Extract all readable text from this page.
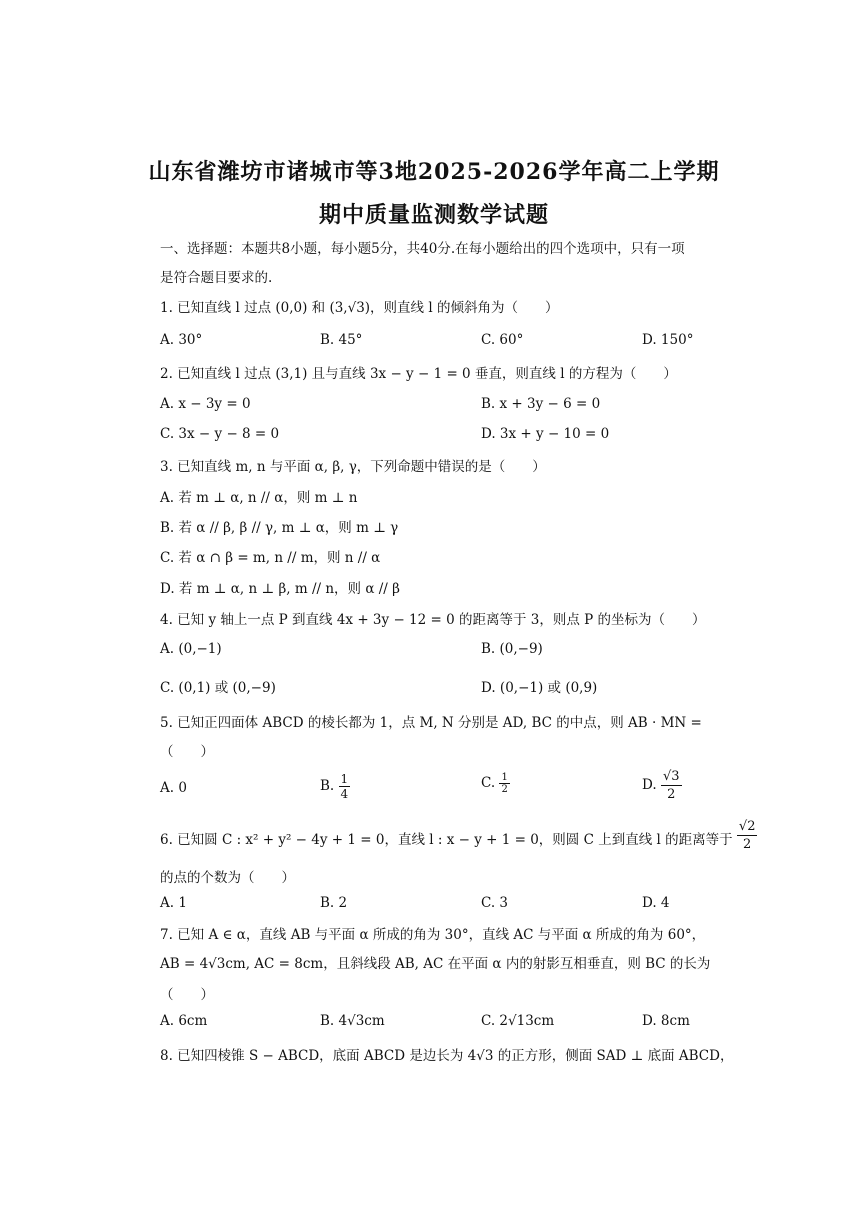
山东省潍坊市诸城市等3地2025-2026学年高二上学期
期中质量监测数学试题
一、选择题：本题共8小题，每小题5分，共40分.在每小题给出的四个选项中，只有一项
是符合题目要求的.
1. 已知直线 l 过点 (0,0) 和 (3,√3)，则直线 l 的倾斜角为（　　）
A. 30°	B. 45°	C. 60°	D. 150°
2. 已知直线 l 过点 (3,1) 且与直线 3x − y − 1 = 0 垂直，则直线 l 的方程为（　　）
A. x − 3y = 0	B. x + 3y − 6 = 0
C. 3x − y − 8 = 0	D. 3x + y − 10 = 0
3. 已知直线 m, n 与平面 α, β, γ，下列命题中错误的是（　　）
A. 若 m ⊥ α, n // α，则 m ⊥ n
B. 若 α // β, β // γ, m ⊥ α，则 m ⊥ γ
C. 若 α ∩ β = m, n // m，则 n // α
D. 若 m ⊥ α, n ⊥ β, m // n，则 α // β
4. 已知 y 轴上一点 P 到直线 4x + 3y − 12 = 0 的距离等于 3，则点 P 的坐标为（　　）
A. (0,−1)	B. (0,−9)
C. (0,1) 或 (0,−9)	D. (0,−1) 或 (0,9)
5. 已知正四面体 ABCD 的棱长都为 1，点 M, N 分别是 AD, BC 的中点，则 AB · MN =
（　　）
A. 0	B. $\frac{1}{4}$	C. $\frac{1}{2}$	D. $\frac{√3}{2}$
6. 已知圆 C : x² + y² − 4y + 1 = 0，直线 l : x − y + 1 = 0，则圆 C 上到直线 l 的距离等于 $\frac{√2}{2}$
的点的个数为（　　）
A. 1	B. 2	C. 3	D. 4
7. 已知 A ∈ α，直线 AB 与平面 α 所成的角为 30°，直线 AC 与平面 α 所成的角为 60°，
AB = 4√3cm, AC = 8cm，且斜线段 AB, AC 在平面 α 内的射影互相垂直，则 BC 的长为
（　　）
A. 6cm	B. 4√3cm	C. 2√13cm	D. 8cm
8. 已知四棱锥 S − ABCD，底面 ABCD 是边长为 4√3 的正方形，侧面 SAD ⊥ 底面 ABCD，
